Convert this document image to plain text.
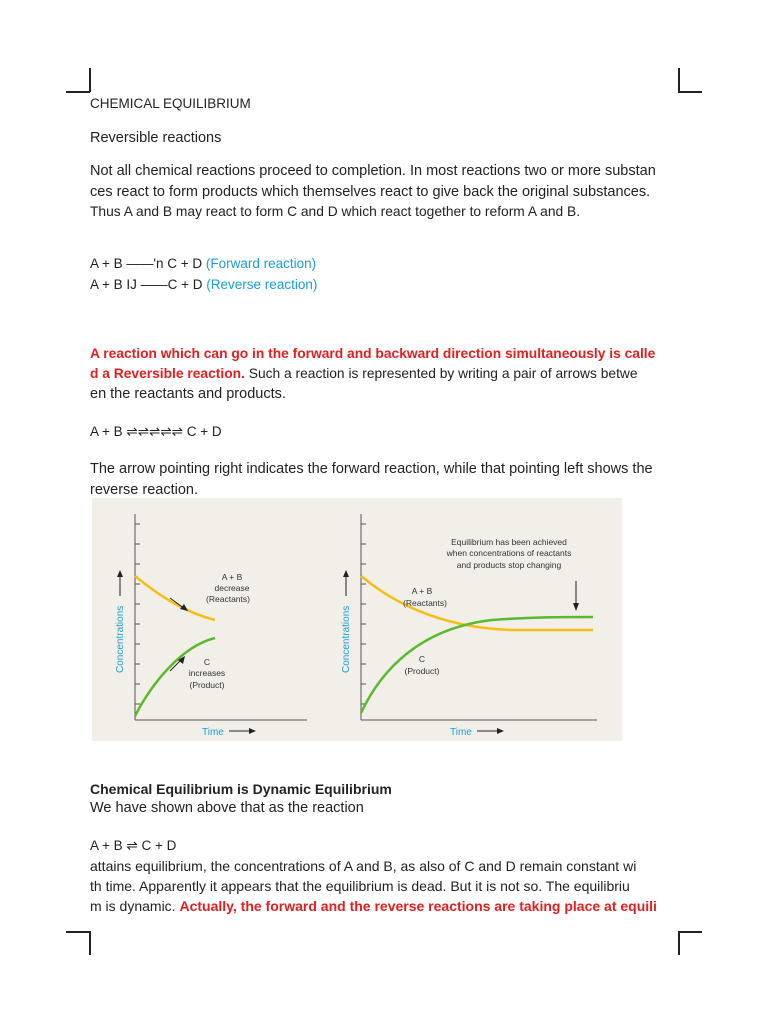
CHEMICAL EQUILIBRIUM
Reversible reactions
Not all chemical reactions proceed to completion. In most reactions two or more substan
ces react to form products which themselves react to give back the original substances.
Thus A and B may react to form C and D which react together to reform A and B.
A + B ——'n C + D (Forward reaction)
A + B IJ ——C + D (Reverse reaction)
A reaction which can go in the forward and backward direction simultaneously is calle
d a Reversible reaction. Such a reaction is represented by writing a pair of arrows betwe
en the reactants and products.
A + B ⇌⇌⇌⇌⇌ C + D
The arrow pointing right indicates the forward reaction, while that pointing left shows the
reverse reaction.
A + B
decrease
(Reactants)
C
increases
(Product)
Concentrations
Time
Equilibrium has been achieved
when concentrations of reactants
and products stop changing
A + B
(Reactants)
C
(Product)
Concentrations
Time
Chemical Equilibrium is Dynamic Equilibrium
We have shown above that as the reaction
A + B ⇌ C + D
attains equilibrium, the concentrations of A and B, as also of C and D remain constant wi
th time. Apparently it appears that the equilibrium is dead. But it is not so. The equilibriu
m is dynamic. Actually, the forward and the reverse reactions are taking place at equili
